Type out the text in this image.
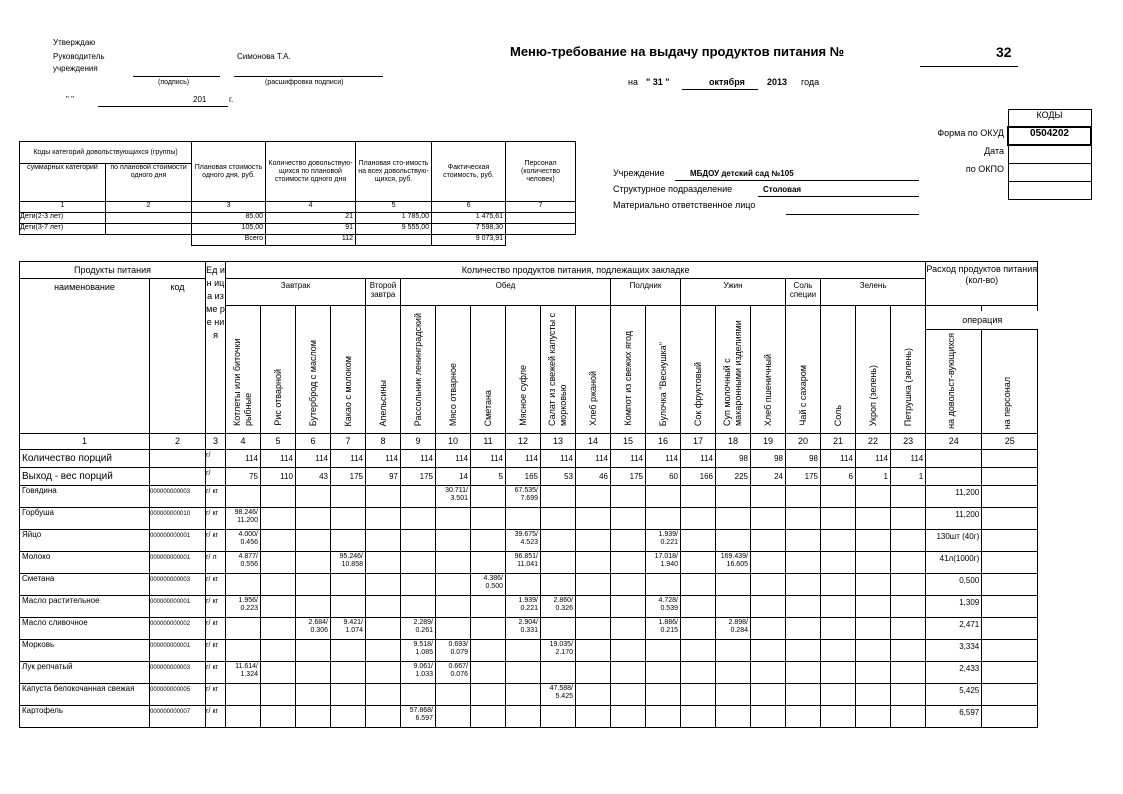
Утверждаю
Руководитель
учреждения
Симонова Т.А.
(подпись)	(расшифровка подписи)
" "	201	г.
Меню-требование на выдачу продуктов питания №	32
на " 31 "	октября 2013 года
Форма по ОКУД
Дата
по ОКПО
КОДЫ
0504202

Учреждение	МБДОУ детский сад №105
Структурное подразделение	Столовая
Материально ответственное лицо
Коды категорий довольствующихся (группы)		Плановая стоимость одного дня, руб.	Количество довольствую-щихся по плановой стоимости одного дня	Плановая сто-имость на всех довольствую-щихся, руб.	Фактическая стоимость, руб.	Персонал (количество человек)
суммарных категорий	по плановой стоимости одного дня					
1	2	3	4	5	6	7
Дети(2-3 лет)		85,00	21	1 785,00	1 475,61	
Дети(3-7 лет)		105,00	91	9 555,00	7 598,30	
		Всего	112		9 073,91	
Продукты питания		Ед ин иц а из ме ре ния	Количество продуктов питания, подлежащих закладке																				Расход продуктов питания (кол-во)	
наименование	код		Завтрак				Второй завтра	Обед						Полдник		Ужин			Соль специи	Зелень				
			Котлеты или биточки рыбные	Рис отварной	Бутерброд с маслом	Какао с молоком	Апельсины	Рассольник ленинградский	Мясо отварное	Сметана	Мясное суфле	Салат из свежей капусты с морковью	Хлеб ржаной	Компот из свежих ягод	Булочка "Веснушка"	Сок фруктовый	Суп молочный с макаронными изделиями	Хлеб пшеничный	Чай с сахаром	Соль	Укроп (зелень)	Петрушка (зелень)	операция
на довольст-вующихся	на персонал

1	2	3	4	5	6	7	8	9	10	11	12	13	14	15	16	17	18	19	20	21	22	23	24	25
Количество порций		г/	114	114	114	114	114	114	114	114	114	114	114	114	114	114	98	98	98	114	114	114		
Выход - вес порций		г/	75	110	43	175	97	175	14	5	165	53	46	175	60	166	225	24	175	6	1	1		
Говядина	000000000003	г/ кг							30.711/ 3.501		67.535/ 7.699												11,200	
Горбуша	000000000010	г/ кг	98.246/ 11.200																				11,200	
Яйцо	000000000001	г/ кг	4.000/ 0.456								39.675/ 4.523				1.939/ 0.221								130шт (40г)	
Молоко	000000000001	г/ л	4.877/ 0.556			95.246/ 10.858					96.851/ 11.041				17.018/ 1.940		169.439/ 16.605						41л(1000г)	
Сметана	000000000003	г/ кг								4.386/ 0.500													0,500	
Масло растительное	000000000001	г/ кг	1.956/ 0.223								1.939/ 0.221	2.860/ 0.326			4.728/ 0.539								1,309	
Масло сливочное	000000000002	г/ кг			2.684/ 0.306	9.421/ 1.074		2.289/ 0.261			2.904/ 0.331				1.886/ 0.215		2.898/ 0.284						2,471	
Морковь	000000000001	г/ кг						9.518/ 1.085	0.693/ 0.079			19.035/ 2.170											3,334	
Лук репчатый	000000000003	г/ кг	11.614/ 1.324					9.061/ 1.033	0.667/ 0.076														2,433	
Капуста белокочанная свежая	000000000005	г/ кг										47.588/ 5.425											5,425	
Картофель	000000000007	г/ кг						57.868/ 6.597															6,597	
